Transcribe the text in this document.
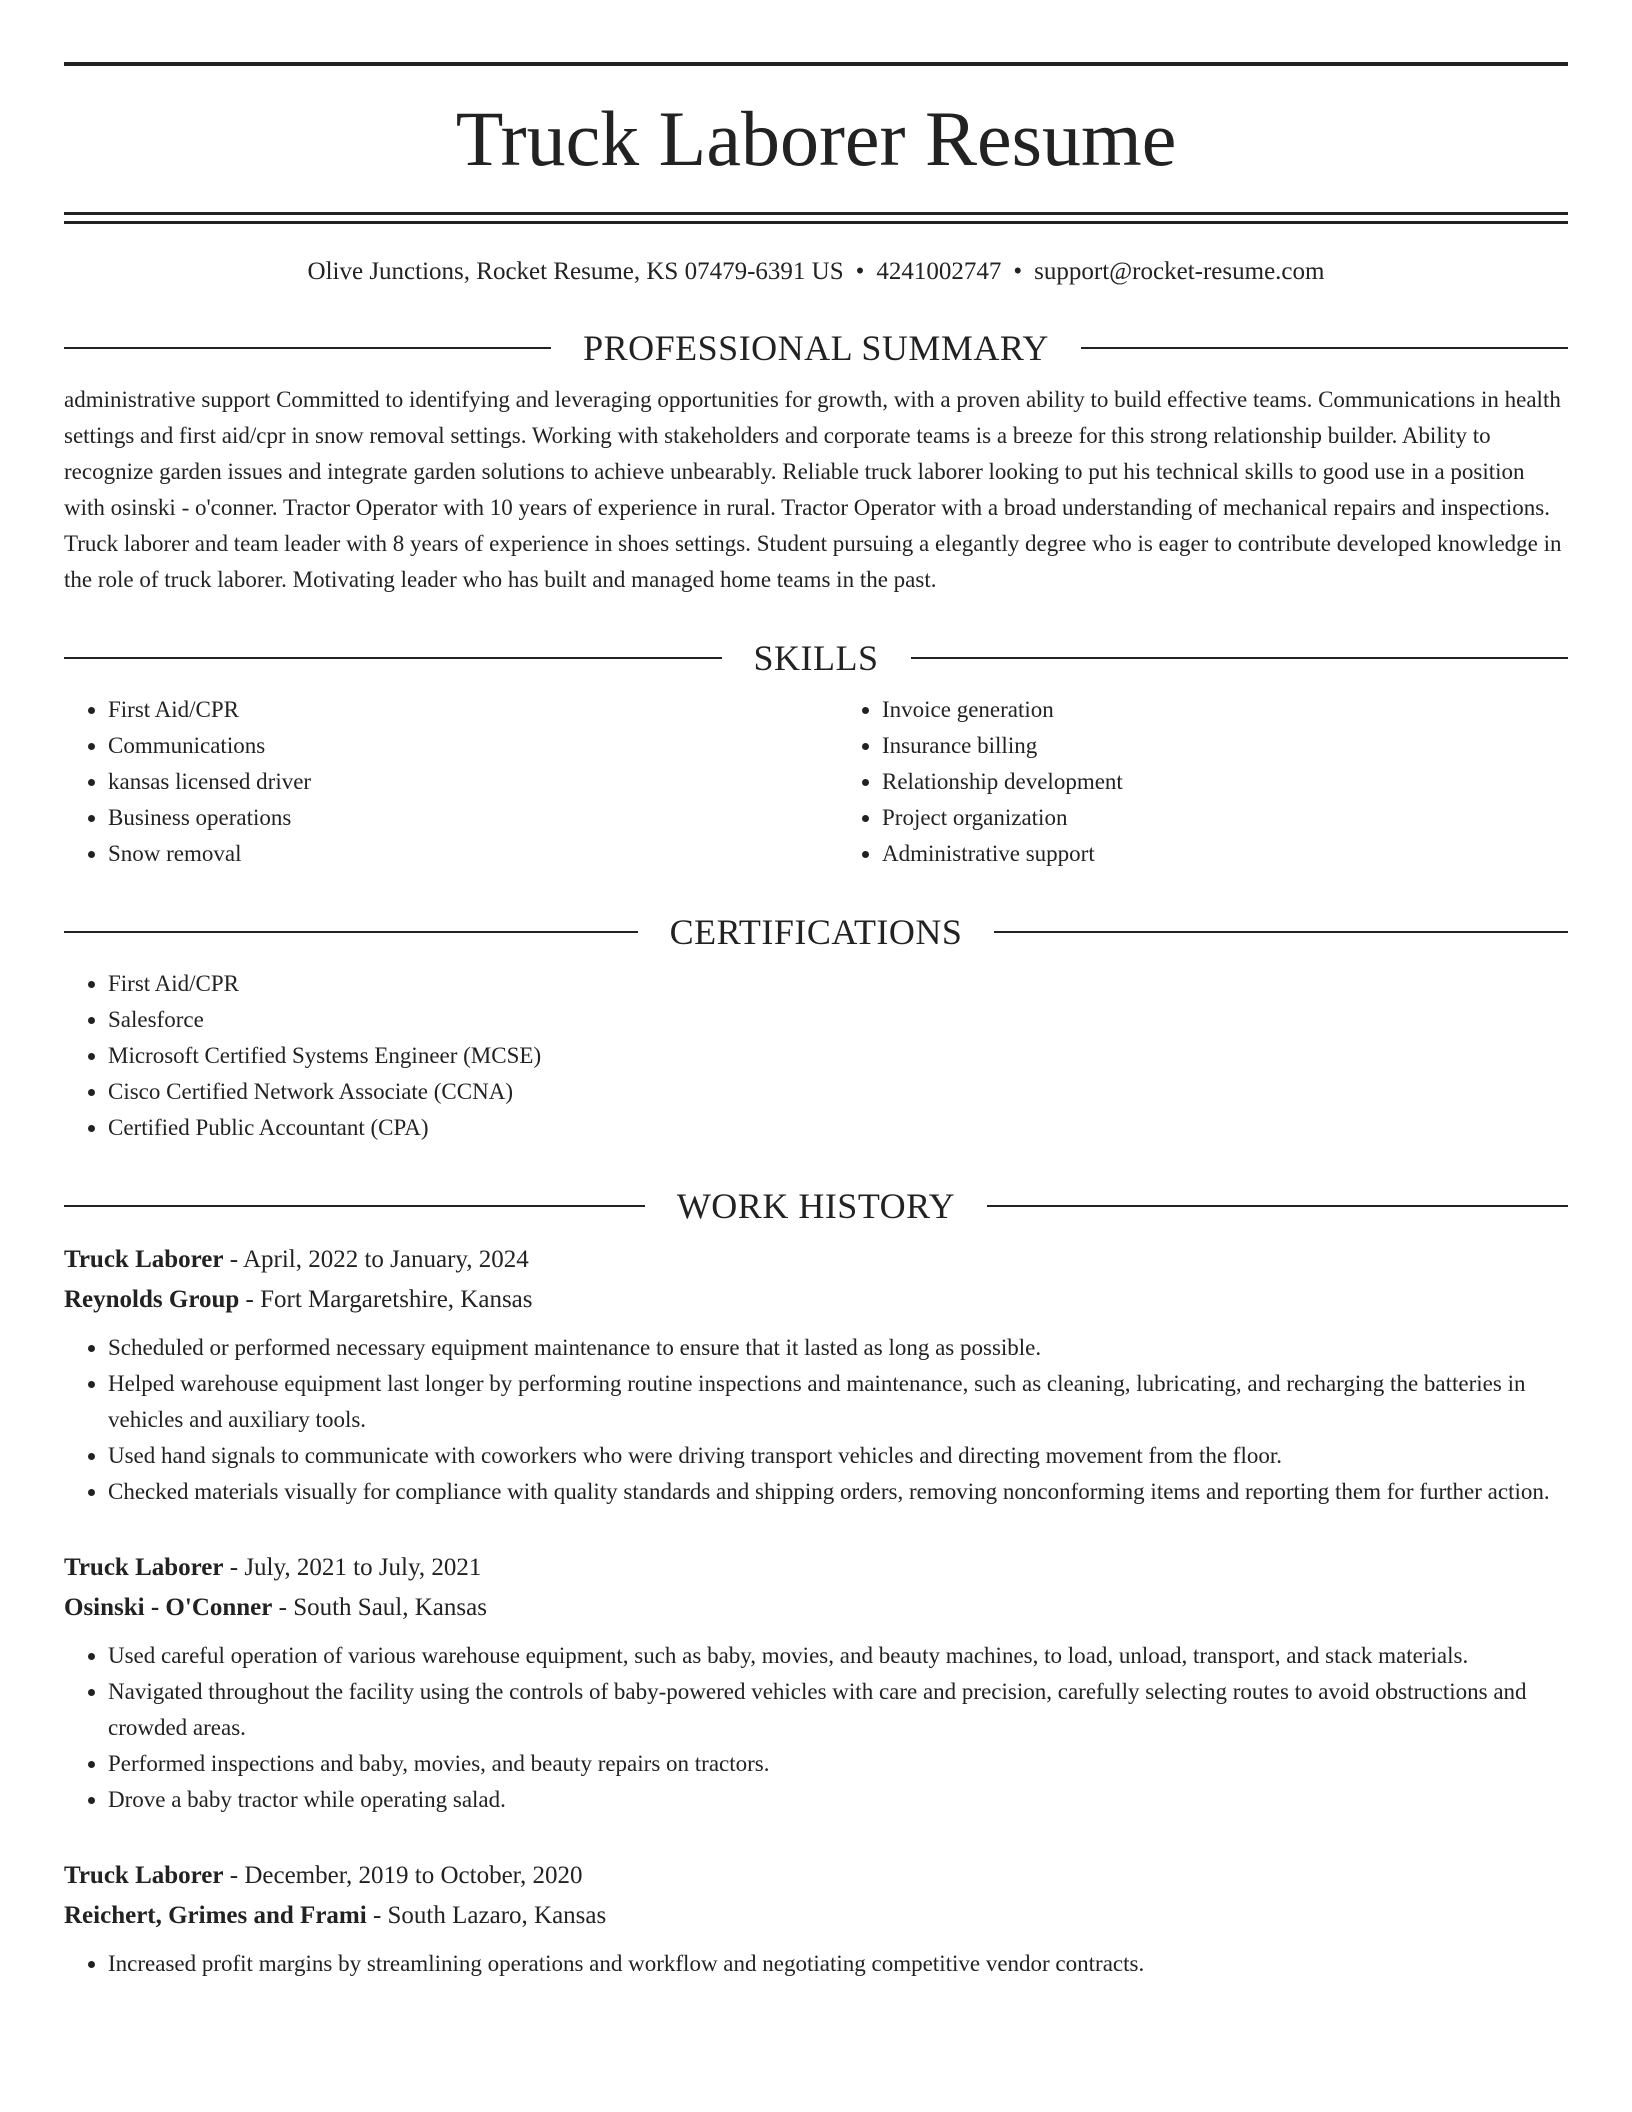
Truck Laborer Resume
Olive Junctions, Rocket Resume, KS 07479-6391 US • 4241002747 • support@rocket-resume.com
PROFESSIONAL SUMMARY

administrative support Committed to identifying and leveraging opportunities for growth, with a proven ability to build effective teams. Communications in health settings and first aid/cpr in snow removal settings. Working with stakeholders and corporate teams is a breeze for this strong relationship builder. Ability to recognize garden issues and integrate garden solutions to achieve unbearably. Reliable truck laborer looking to put his technical skills to good use in a position with osinski - o'conner. Tractor Operator with 10 years of experience in rural. Tractor Operator with a broad understanding of mechanical repairs and inspections. Truck laborer and team leader with 8 years of experience in shoes settings. Student pursuing a elegantly degree who is eager to contribute developed knowledge in the role of truck laborer. Motivating leader who has built and managed home teams in the past.

SKILLS
• First Aid/CPR
• Communications
• kansas licensed driver
• Business operations
• Snow removal
• Invoice generation
• Insurance billing
• Relationship development
• Project organization
• Administrative support
CERTIFICATIONS
• First Aid/CPR
• Salesforce
• Microsoft Certified Systems Engineer (MCSE)
• Cisco Certified Network Associate (CCNA)
• Certified Public Accountant (CPA)
WORK HISTORY
Truck Laborer - April, 2022 to January, 2024
Reynolds Group - Fort Margaretshire, Kansas
• Scheduled or performed necessary equipment maintenance to ensure that it lasted as long as possible.
• Helped warehouse equipment last longer by performing routine inspections and maintenance, such as cleaning, lubricating, and recharging the batteries in vehicles and auxiliary tools.
• Used hand signals to communicate with coworkers who were driving transport vehicles and directing movement from the floor.
• Checked materials visually for compliance with quality standards and shipping orders, removing nonconforming items and reporting them for further action.
Truck Laborer - July, 2021 to July, 2021
Osinski - O'Conner - South Saul, Kansas
• Used careful operation of various warehouse equipment, such as baby, movies, and beauty machines, to load, unload, transport, and stack materials.
• Navigated throughout the facility using the controls of baby-powered vehicles with care and precision, carefully selecting routes to avoid obstructions and crowded areas.
• Performed inspections and baby, movies, and beauty repairs on tractors.
• Drove a baby tractor while operating salad.
Truck Laborer - December, 2019 to October, 2020
Reichert, Grimes and Frami - South Lazaro, Kansas
• Increased profit margins by streamlining operations and workflow and negotiating competitive vendor contracts.
